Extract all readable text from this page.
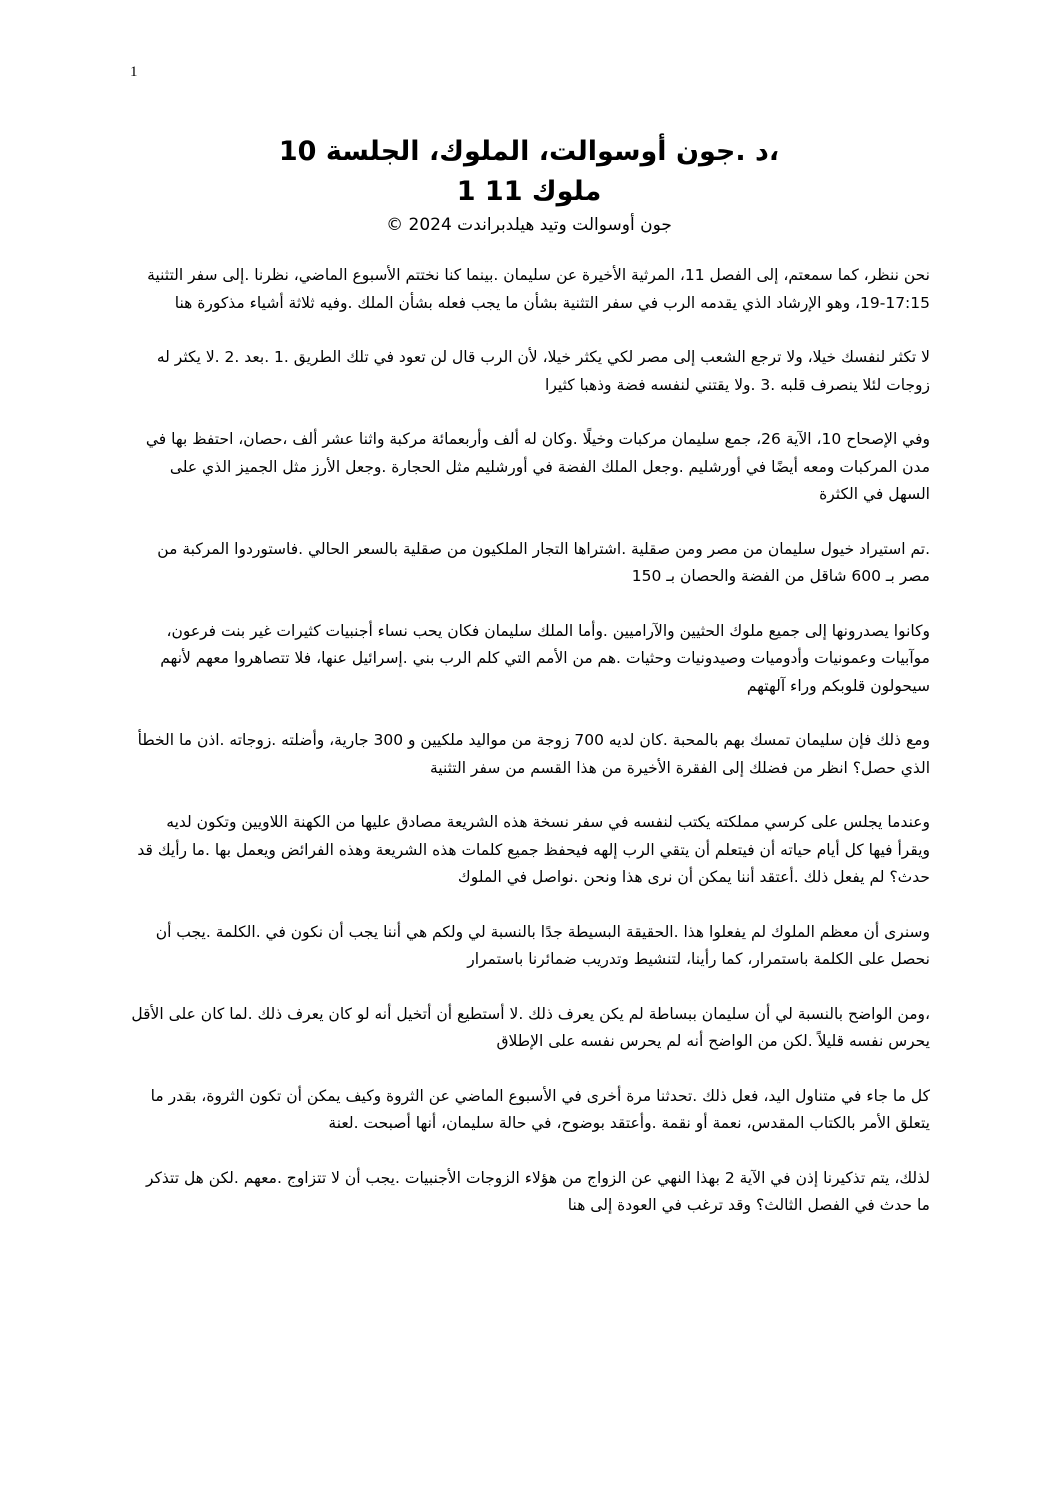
1
،د .جون أوسوالت، الملوك، الجلسة 10
ملوك 11 1
جون أوسوالت وتيد هيلدبراندت 2024 ©

نحن ننظر، كما سمعتم، إلى الفصل 11، المرثية الأخيرة عن سليمان .بينما كنا نختتم الأسبوع الماضي، نظرنا .إلى سفر التثنية 17:15-19، وهو الإرشاد الذي يقدمه الرب في سفر التثنية بشأن ما يجب فعله بشأن الملك .وفيه ثلاثة أشياء مذكورة هنا

لا تكثر لنفسك خيلا، ولا ترجع الشعب إلى مصر لكي يكثر خيلا، لأن الرب قال لن تعود في تلك الطريق .1 .بعد .2 .لا يكثر له زوجات لئلا ينصرف قلبه .3 .ولا يقتني لنفسه فضة وذهبا كثيرا

وفي الإصحاح 10، الآية 26، جمع سليمان مركبات وخيلًا .وكان له ألف وأربعمائة مركبة واثنا عشر ألف ،حصان، احتفظ بها في مدن المركبات ومعه أيضًا في أورشليم .وجعل الملك الفضة في أورشليم مثل الحجارة .وجعل الأرز مثل الجميز الذي على السهل في الكثرة

.تم استيراد خيول سليمان من مصر ومن صقلية .اشتراها التجار الملكيون من صقلية بالسعر الحالي .فاستوردوا المركبة من مصر بـ 600 شاقل من الفضة والحصان بـ 150

وكانوا يصدرونها إلى جميع ملوك الحثيين والآراميين .وأما الملك سليمان فكان يحب نساء أجنبيات كثيرات غير بنت فرعون، موآبيات وعمونيات وأدوميات وصيدونيات وحثيات .هم من الأمم التي كلم الرب بني .إسرائيل عنها، فلا تتصاهروا معهم لأنهم سيحولون قلوبكم وراء آلهتهم

ومع ذلك فإن سليمان تمسك بهم بالمحبة .كان لديه 700 زوجة من مواليد ملكيين و 300 جارية، وأضلته .زوجاته .اذن ما الخطأ الذي حصل؟ انظر من فضلك إلى الفقرة الأخيرة من هذا القسم من سفر التثنية

وعندما يجلس على كرسي مملكته يكتب لنفسه في سفر نسخة هذه الشريعة مصادق عليها من الكهنة اللاويين وتكون لديه ويقرأ فيها كل أيام حياته أن فيتعلم أن يتقي الرب إلهه فيحفظ جميع كلمات هذه الشريعة وهذه الفرائض ويعمل بها .ما رأيك قد حدث؟ لم يفعل ذلك .أعتقد أننا يمكن أن نرى هذا ونحن .نواصل في الملوك

وسنرى أن معظم الملوك لم يفعلوا هذا .الحقيقة البسيطة جدًا بالنسبة لي ولكم هي أننا يجب أن نكون في .الكلمة .يجب أن نحصل على الكلمة باستمرار، كما رأينا، لتنشيط وتدريب ضمائرنا باستمرار

،ومن الواضح بالنسبة لي أن سليمان ببساطة لم يكن يعرف ذلك .لا أستطيع أن أتخيل أنه لو كان يعرف ذلك .لما كان على الأقل يحرس نفسه قليلاً .لكن من الواضح أنه لم يحرس نفسه على الإطلاق

كل ما جاء في متناول اليد، فعل ذلك .تحدثنا مرة أخرى في الأسبوع الماضي عن الثروة وكيف يمكن أن تكون الثروة، بقدر ما يتعلق الأمر بالكتاب المقدس، نعمة أو نقمة .وأعتقد بوضوح، في حالة سليمان، أنها أصبحت .لعنة

لذلك، يتم تذكيرنا إذن في الآية 2 بهذا النهي عن الزواج من هؤلاء الزوجات الأجنبيات .يجب أن لا تتزاوج .معهم .لكن هل تتذكر ما حدث في الفصل الثالث؟ وقد ترغب في العودة إلى هنا
